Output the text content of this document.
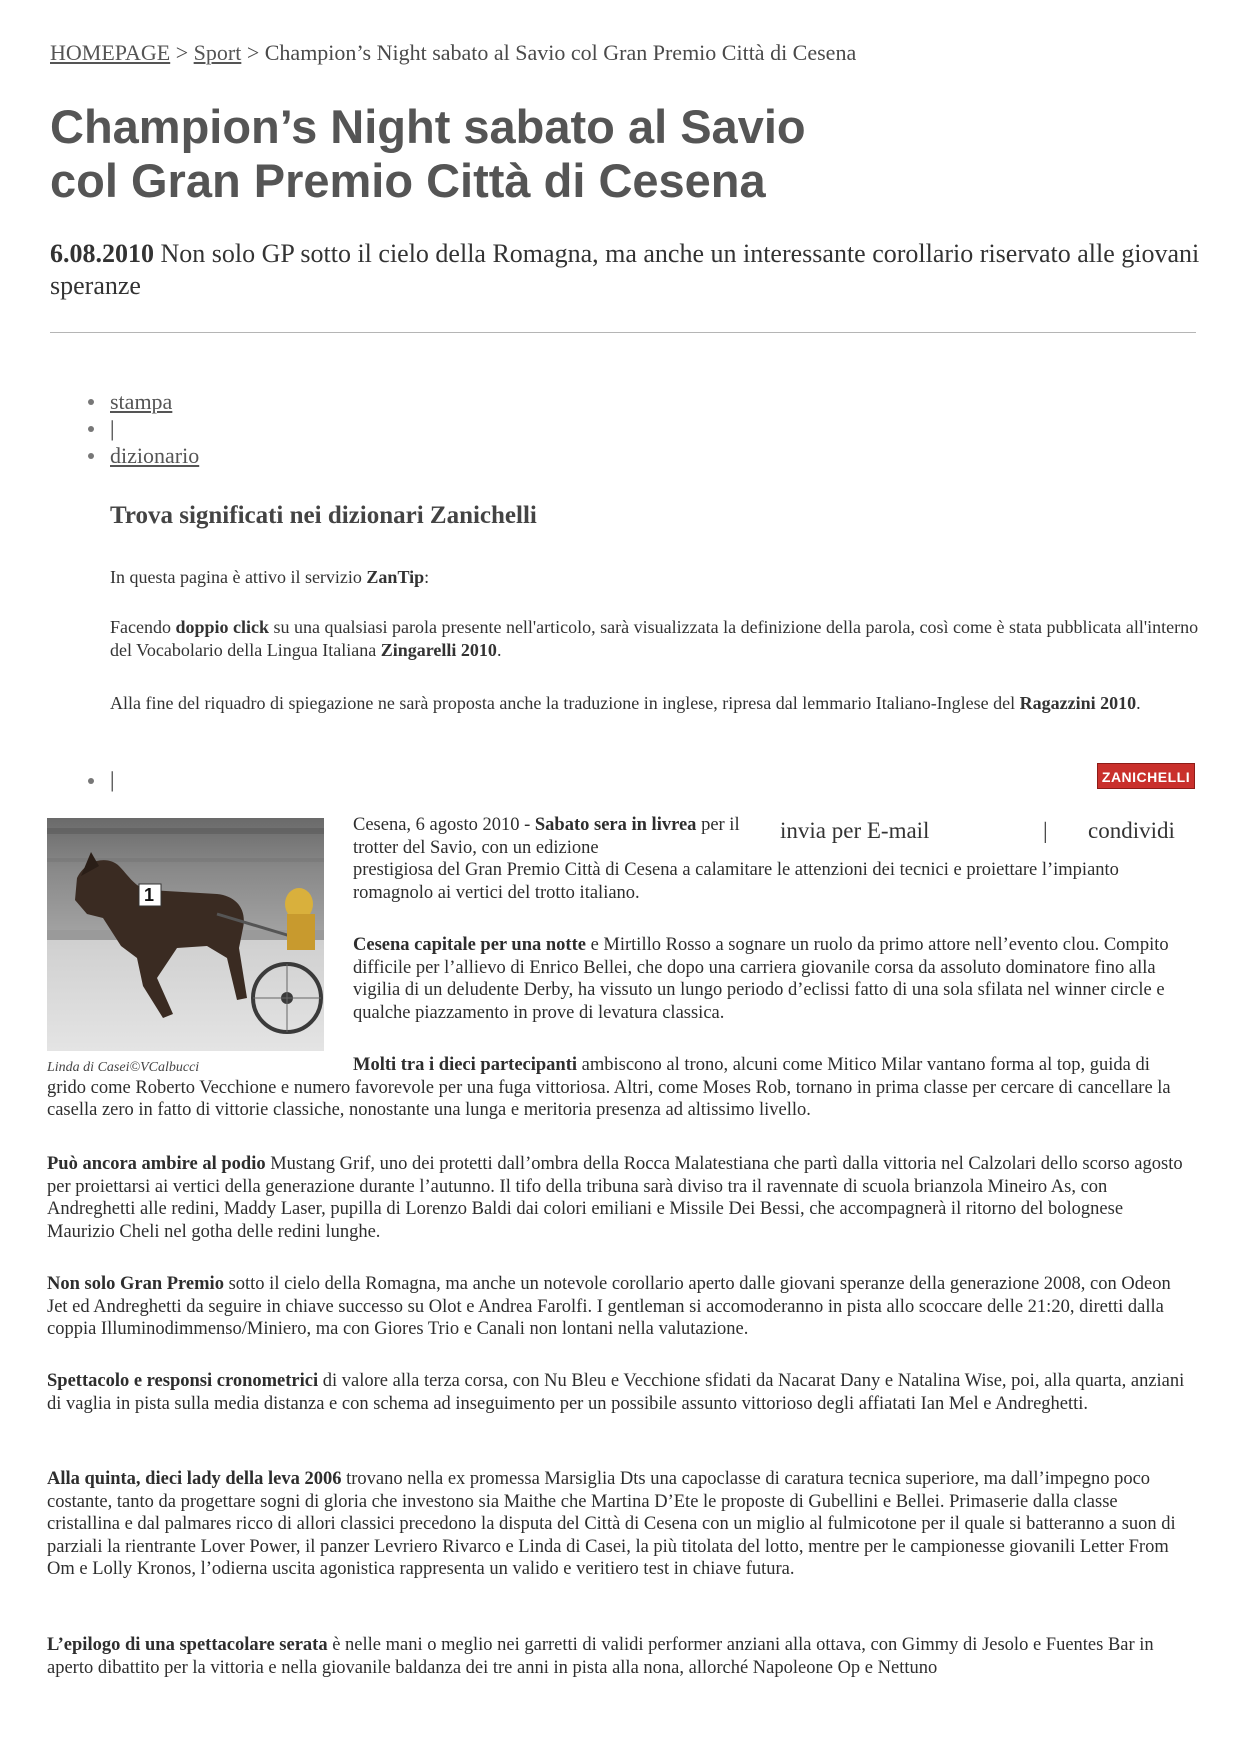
HOMEPAGE > Sport > Champion’s Night sabato al Savio col Gran Premio Città di Cesena
Champion’s Night sabato al Savio
col Gran Premio Città di Cesena
6.08.2010 Non solo GP sotto il cielo della Romagna, ma anche un interessante corollario riservato alle giovani speranze
stampa
|
dizionario
Trova significati nei dizionari Zanichelli

In questa pagina è attivo il servizio ZanTip:

Facendo doppio click su una qualsiasi parola presente nell'articolo, sarà visualizzata la definizione della parola, così come è stata pubblicata all'interno del Vocabolario della Lingua Italiana Zingarelli 2010.

Alla fine del riquadro di spiegazione ne sarà proposta anche la traduzione in inglese, ripresa dal lemmario Italiano-Inglese del Ragazzini 2010.

|	ZANICHELLI
1
Linda di Casei©VCalbucci
invia per E-mail	| condividi

Cesena, 6 agosto 2010 - Sabato sera in livrea per il trotter del Savio, con un edizione

prestigiosa del Gran Premio Città di Cesena a calamitare le attenzioni dei tecnici e proiettare l’impianto romagnolo ai vertici del trotto italiano.

Cesena capitale per una notte e Mirtillo Rosso a sognare un ruolo da primo attore nell’evento clou. Compito difficile per l’allievo di Enrico Bellei, che dopo una carriera giovanile corsa da assoluto dominatore fino alla vigilia di un deludente Derby, ha vissuto un lungo periodo d’eclissi fatto di una sola sfilata nel winner circle e qualche piazzamento in prove di levatura classica.

Molti tra i dieci partecipanti ambiscono al trono, alcuni come Mitico Milar vantano forma al top, guida di grido come Roberto Vecchione e numero favorevole per una fuga vittoriosa. Altri, come Moses Rob, tornano in prima classe per cercare di cancellare la casella zero in fatto di vittorie classiche, nonostante una lunga e meritoria presenza ad altissimo livello.

Può ancora ambire al podio Mustang Grif, uno dei protetti dall’ombra della Rocca Malatestiana che partì dalla vittoria nel Calzolari dello scorso agosto per proiettarsi ai vertici della generazione durante l’autunno. Il tifo della tribuna sarà diviso tra il ravennate di scuola brianzola Mineiro As, con Andreghetti alle redini, Maddy Laser, pupilla di Lorenzo Baldi dai colori emiliani e Missile Dei Bessi, che accompagnerà il ritorno del bolognese Maurizio Cheli nel gotha delle redini lunghe.

Non solo Gran Premio sotto il cielo della Romagna, ma anche un notevole corollario aperto dalle giovani speranze della generazione 2008, con Odeon Jet ed Andreghetti da seguire in chiave successo su Olot e Andrea Farolfi. I gentleman si accomoderanno in pista allo scoccare delle 21:20, diretti dalla coppia Illuminodimmenso/Miniero, ma con Giores Trio e Canali non lontani nella valutazione.

Spettacolo e responsi cronometrici di valore alla terza corsa, con Nu Bleu e Vecchione sfidati da Nacarat Dany e Natalina Wise, poi, alla quarta, anziani di vaglia in pista sulla media distanza e con schema ad inseguimento per un possibile assunto vittorioso degli affiatati Ian Mel e Andreghetti.

Alla quinta, dieci lady della leva 2006 trovano nella ex promessa Marsiglia Dts una capoclasse di caratura tecnica superiore, ma dall’impegno poco costante, tanto da progettare sogni di gloria che investono sia Maithe che Martina D’Ete le proposte di Gubellini e Bellei. Primaserie dalla classe cristallina e dal palmares ricco di allori classici precedono la disputa del Città di Cesena con un miglio al fulmicotone per il quale si batteranno a suon di parziali la rientrante Lover Power, il panzer Levriero Rivarco e Linda di Casei, la più titolata del lotto, mentre per le campionesse giovanili Letter From Om e Lolly Kronos, l’odierna uscita agonistica rappresenta un valido e veritiero test in chiave futura.

L’epilogo di una spettacolare serata è nelle mani o meglio nei garretti di validi performer anziani alla ottava, con Gimmy di Jesolo e Fuentes Bar in aperto dibattito per la vittoria e nella giovanile baldanza dei tre anni in pista alla nona, allorché Napoleone Op e Nettuno
